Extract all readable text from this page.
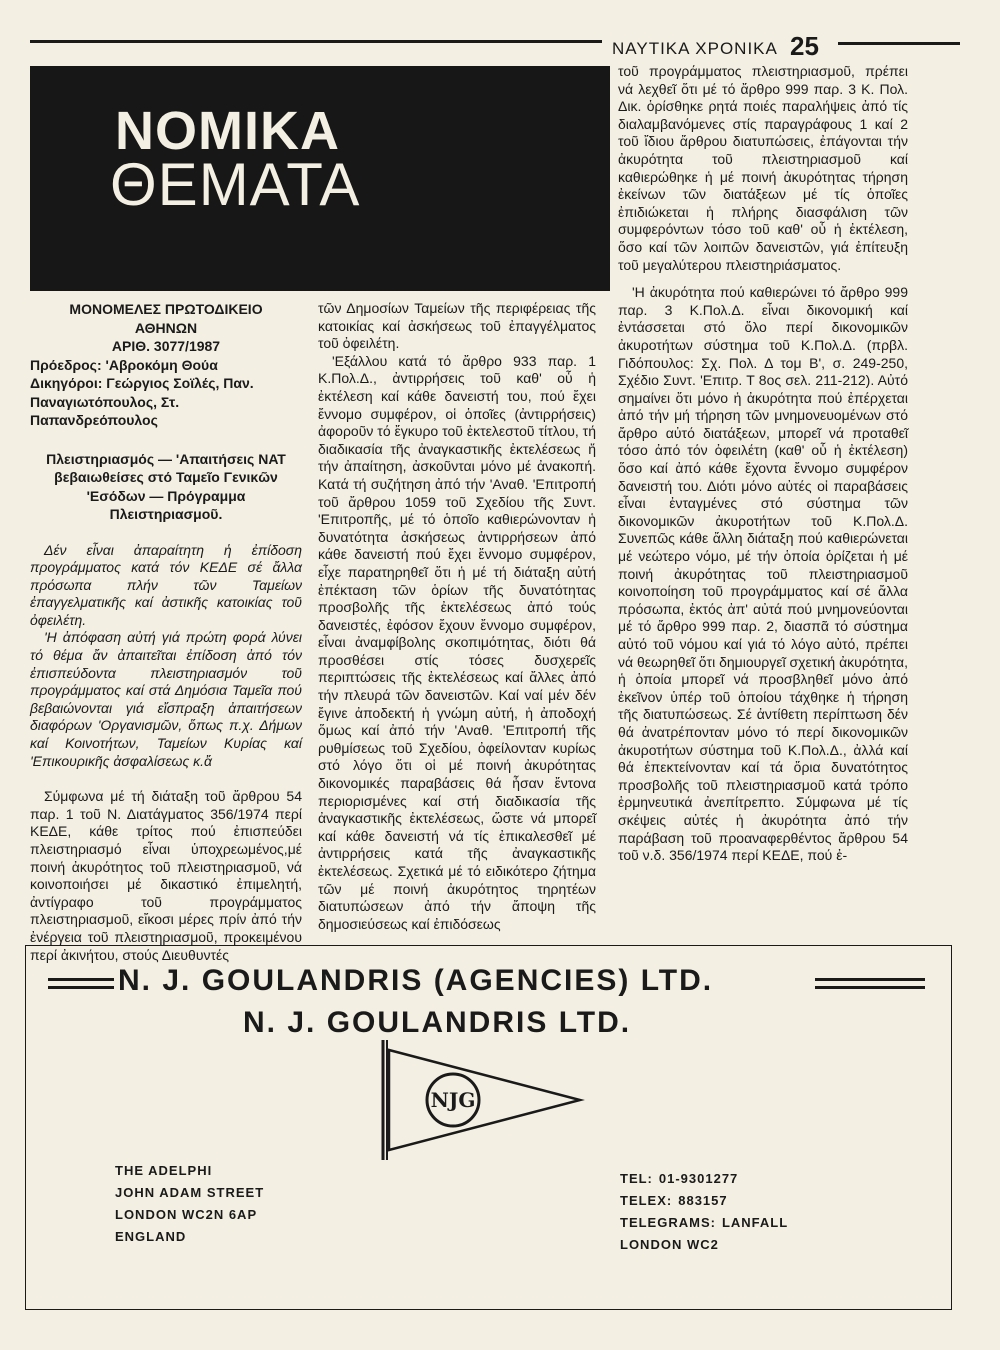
ΝΑΥΤΙΚΑ ΧΡΟΝΙΚΑ 25
ΝΟΜΙΚΑ
ΘΕΜΑΤΑ

ΜΟΝΟΜΕΛΕΣ ΠΡΩΤΟΔΙΚΕΙΟ

ΑΘΗΝΩΝ

ΑΡΙΘ. 3077/1987

Πρόεδρος: 'Αβροκόμη Θούα

Δικηγόροι: Γεώργιος Σοϊλές, Παν. Παναγιωτόπουλος, Στ. Παπανδρεόπουλος

Πλειστηριασμός — 'Απαιτήσεις ΝΑΤ βεβαιωθείσες στό Ταμεῖο Γενικῶν 'Εσόδων — Πρόγραμμα Πλειστηριασμοῦ.

Δέν εἶναι ἀπαραίτητη ἡ ἐπίδοση προγράμματος κατά τόν ΚΕΔΕ σέ ἄλλα πρόσωπα πλήν τῶν Ταμείων ἐπαγγελματικῆς καί ἀστικῆς κατοικίας τοῦ ὀφειλέτη.

'Η ἀπόφαση αὐτή γιά πρώτη φορά λύνει τό θέμα ἄν ἀπαιτεῖται ἐπίδοση ἀπό τόν ἐπισπεύδοντα πλειστηριασμόν τοῦ προγράμματος καί στά Δημόσια Ταμεῖα πού βεβαιώνονται γιά εἴσπραξη ἀπαιτήσεων διαφόρων 'Οργανισμῶν, ὅπως π.χ. Δήμων καί Κοινοτήτων, Ταμείων Κυρίας καί 'Επικουρικῆς ἀσφαλίσεως κ.ἄ

Σύμφωνα μέ τή διάταξη τοῦ ἄρθρου 54 παρ. 1 τοῦ Ν. Διατάγματος 356/1974 περί ΚΕΔΕ, κάθε τρίτος πού ἐπισπεύδει πλειστηριασμό εἶναι ὑποχρεωμένος,μέ ποινή ἀκυρότητος τοῦ πλειστηριασμοῦ, νά κοινοποιήσει μέ δικαστικό ἐπιμελητή, ἀντίγραφο τοῦ προγράμματος πλειστηριασμοῦ, εἴκοσι μέρες πρίν ἀπό τήν ἐνέργεια τοῦ πλειστηριασμοῦ, προκειμένου περί ἀκινήτου, στούς Διευθυντές

τῶν Δημοσίων Ταμείων τῆς περιφέρειας τῆς κατοικίας καί ἀσκήσεως τοῦ ἐπαγγέλματος τοῦ ὀφειλέτη.

'Εξάλλου κατά τό ἄρθρο 933 παρ. 1 Κ.Πολ.Δ., ἀντιρρήσεις τοῦ καθ' οὗ ἡ ἐκτέλεση καί κάθε δανειστή του, πού ἔχει ἔννομο συμφέρον, οἱ ὁποῖες (ἀντιρρήσεις) ἀφοροῦν τό ἔγκυρο τοῦ ἐκτελεστοῦ τίτλου, τή διαδικασία τῆς ἀναγκαστικῆς ἐκτελέσεως ἤ τήν ἀπαίτηση, ἀσκοῦνται μόνο μέ ἀνακοπή. Κατά τή συζήτηση ἀπό τήν 'Αναθ. 'Επιτροπή τοῦ ἄρθρου 1059 τοῦ Σχεδίου τῆς Συντ. 'Επιτροπῆς, μέ τό ὁποῖο καθιερώνονταν ἡ δυνατότητα ἀσκήσεως ἀντιρρήσεων ἀπό κάθε δανειστή πού ἔχει ἔννομο συμφέρον, εἶχε παρατηρηθεῖ ὅτι ἡ μέ τή διάταξη αὐτή ἐπέκταση τῶν ὁρίων τῆς δυνατότητας προσβολῆς τῆς ἐκτελέσεως ἀπό τούς δανειστές, ἐφόσον ἔχουν ἔννομο συμφέρον, εἶναι ἀναμφίβολης σκοπιμότητας, διότι θά προσθέσει στίς τόσες δυσχερεῖς περιπτώσεις τῆς ἐκτελέσεως καί ἄλλες ἀπό τήν πλευρά τῶν δανειστῶν. Καί ναί μέν δέν ἔγινε ἀποδεκτή ἡ γνώμη αὐτή, ἡ ἀποδοχή ὅμως καί ἀπό τήν 'Αναθ. 'Επιτροπή τῆς ρυθμίσεως τοῦ Σχεδίου, ὀφείλονταν κυρίως στό λόγο ὅτι οἱ μέ ποινή ἀκυρότητας δικονομικές παραβάσεις θά ἦσαν ἔντονα περιορισμένες καί στή διαδικασία τῆς ἀναγκαστικῆς ἐκτελέσεως, ὥστε νά μπορεῖ καί κάθε δανειστή νά τίς ἐπικαλεσθεῖ μέ ἀντιρρήσεις κατά τῆς ἀναγκαστικῆς ἐκτελέσεως. Σχετικά μέ τό ειδικότερο ζήτημα τῶν μέ ποινή ἀκυρότητος τηρητέων διατυπώσεων ἀπό τήν ἄποψη τῆς δημοσιεύσεως καί ἐπιδόσεως

τοῦ προγράμματος πλειστηριασμοῦ, πρέπει νά λεχθεῖ ὅτι μέ τό ἄρθρο 999 παρ. 3 Κ. Πολ. Δικ. ὁρίσθηκε ρητά ποιές παραλήψεις ἀπό τίς διαλαμβανόμενες στίς παραγράφους 1 καί 2 τοῦ ἴδιου ἄρθρου διατυπώσεις, ἐπάγονται τήν ἀκυρότητα τοῦ πλειστηριασμοῦ καί καθιερώθηκε ἡ μέ ποινή ἀκυρότητας τήρηση ἐκείνων τῶν διατάξεων μέ τίς ὁποῖες ἐπιδιώκεται ἡ πλήρης διασφάλιση τῶν συμφερόντων τόσο τοῦ καθ' οὗ ἡ ἐκτέλεση, ὅσο καί τῶν λοιπῶν δανειστῶν, γιά ἐπίτευξη τοῦ μεγαλύτερου πλειστηριάσματος.

'Η ἀκυρότητα πού καθιερώνει τό ἄρθρο 999 παρ. 3 Κ.Πολ.Δ. εἶναι δικονομική καί ἐντάσσεται στό ὅλο περί δικονομικῶν ἀκυροτήτων σύστημα τοῦ Κ.Πολ.Δ. (πρβλ. Γιδόπουλος: Σχ. Πολ. Δ τομ Β', σ. 249-250, Σχέδιο Συντ. 'Επιτρ. Τ 8ος σελ. 211-212). Αὐτό σημαίνει ὅτι μόνο ἡ ἀκυρότητα πού ἐπέρχεται ἀπό τήν μή τήρηση τῶν μνημονευομένων στό ἄρθρο αὐτό διατάξεων, μπορεῖ νά προταθεῖ τόσο ἀπό τόν ὀφειλέτη (καθ' οὗ ἡ ἐκτέλεση) ὅσο καί ἀπό κάθε ἔχοντα ἔννομο συμφέρον δανειστή του. Διότι μόνο αὐτές οἱ παραβάσεις εἶναι ἐνταγμένες στό σύστημα τῶν δικονομικῶν ἀκυροτήτων τοῦ Κ.Πολ.Δ. Συνεπῶς κάθε ἄλλη διάταξη πού καθιερώνεται μέ νεώτερο νόμο, μέ τήν ὁποία ὁρίζεται ἡ μέ ποινή ἀκυρότητας τοῦ πλειστηριασμοῦ κοινοποίηση τοῦ προγράμματος καί σέ ἄλλα πρόσωπα, ἐκτός ἀπ' αὐτά πού μνημονεύονται μέ τό ἄρθρο 999 παρ. 2, διασπᾶ τό σύστημα αὐτό τοῦ νόμου καί γιά τό λόγο αὐτό, πρέπει νά θεωρηθεῖ ὅτι δημιουργεῖ σχετική ἀκυρότητα, ἡ ὁποία μπορεῖ νά προσβληθεῖ μόνο ἀπό ἐκεῖνον ὑπέρ τοῦ ὁποίου τάχθηκε ἡ τήρηση τῆς διατυπώσεως. Σέ ἀντίθετη περίπτωση δέν θά ἀνατρέπονταν μόνο τό περί δικονομικῶν ἀκυροτήτων σύστημα τοῦ Κ.Πολ.Δ., ἀλλά καί θά ἐπεκτείνονταν καί τά ὅρια δυνατότητος προσβολῆς τοῦ πλειστηριασμοῦ κατά τρόπο ἑρμηνευτικά ἀνεπίτρεπτο. Σύμφωνα μέ τίς σκέψεις αὐτές ἡ ἀκυρότητα ἀπό τήν παράβαση τοῦ προαναφερθέντος ἄρθρου 54 τοῦ ν.δ. 356/1974 περί ΚΕΔΕ, πού ἐ-

N. J. GOULANDRIS (AGENCIES) LTD.
N. J. GOULANDRIS LTD.
NJG
THE ADELPHI
JOHN ADAM STREET
LONDON WC2N 6AP
ENGLAND
TEL: 01-9301277
TELEX: 883157
TELEGRAMS: LANFALL
LONDON WC2
